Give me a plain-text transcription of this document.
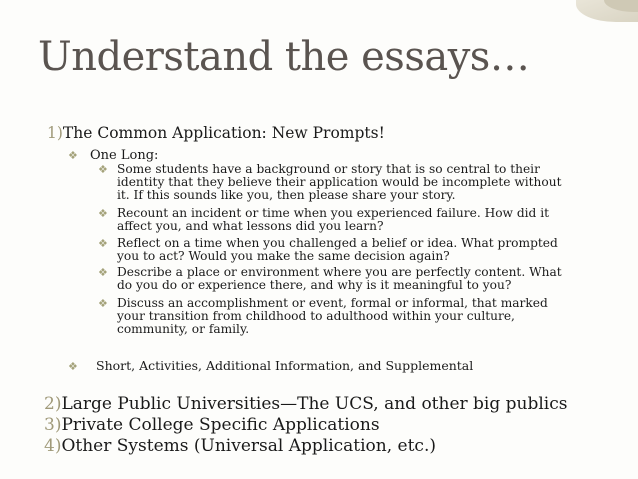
Understand the essays…
1)The Common Application: New Prompts!
❖ One Long:
❖ Some students have a background or story that is so central to their identity that they believe their application would be incomplete without it. If this sounds like you, then please share your story.
❖ Recount an incident or time when you experienced failure. How did it affect you, and what lessons did you learn?
❖ Reflect on a time when you challenged a belief or idea. What prompted you to act? Would you make the same decision again?
❖ Describe a place or environment where you are perfectly content. What do you do or experience there, and why is it meaningful to you?
❖ Discuss an accomplishment or event, formal or informal, that marked your transition from childhood to adulthood within your culture, community, or family.
❖ Short, Activities, Additional Information, and Supplemental
2)Large Public Universities—The UCS, and other big publics
3)Private College Specific Applications
4)Other Systems (Universal Application, etc.)
